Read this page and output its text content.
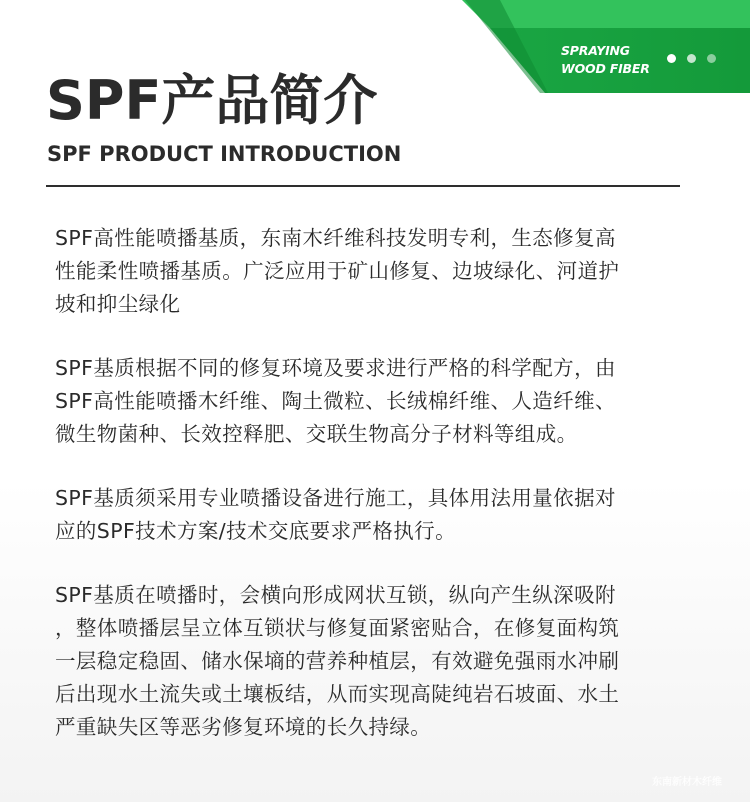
SPRAYING
WOOD FIBER
SPF产品简介
SPF PRODUCT INTRODUCTION
SPF高性能喷播基质，东南木纤维科技发明专利，生态修复高
性能柔性喷播基质。广泛应用于矿山修复、边坡绿化、河道护
坡和抑尘绿化
SPF基质根据不同的修复环境及要求进行严格的科学配方，由
SPF高性能喷播木纤维、陶土微粒、长绒棉纤维、人造纤维、
微生物菌种、长效控释肥、交联生物高分子材料等组成。
SPF基质须采用专业喷播设备进行施工，具体用法用量依据对
应的SPF技术方案/技术交底要求严格执行。
SPF基质在喷播时，会横向形成网状互锁，纵向产生纵深吸附
，整体喷播层呈立体互锁状与修复面紧密贴合，在修复面构筑
一层稳定稳固、储水保墒的营养种植层，有效避免强雨水冲刷
后出现水土流失或土壤板结，从而实现高陡纯岩石坡面、水土
严重缺失区等恶劣修复环境的长久持绿。
东南新材木纤维
